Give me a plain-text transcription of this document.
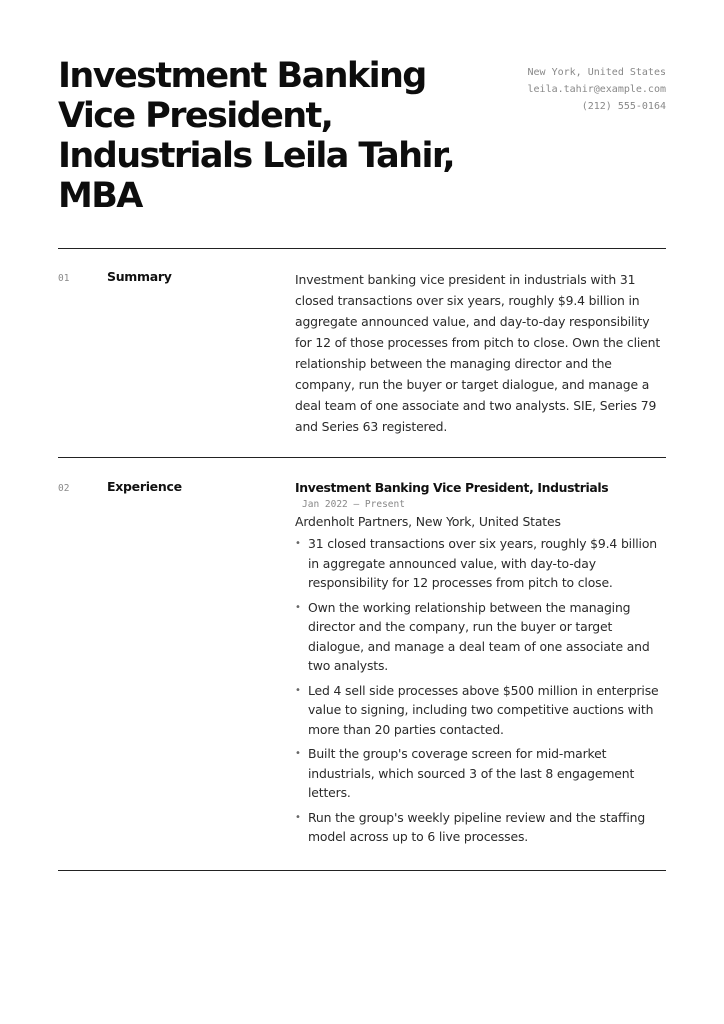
Investment Banking Vice President, Industrials Leila Tahir, MBA
New York, United States
leila.tahir@example.com
(212) 555-0164
01	Summary	Investment banking vice president in industrials with 31 closed transactions over six years, roughly $9.4 billion in aggregate announced value, and day-to-day responsibility for 12 of those processes from pitch to close. Own the client relationship between the managing director and the company, run the buyer or target dialogue, and manage a deal team of one associate and two analysts. SIE, Series 79 and Series 63 registered.

02	Experience	Investment Banking Vice President, Industrials
Jan 2022 — Present
Ardenholt Partners, New York, United States
• 31 closed transactions over six years, roughly $9.4 billion in aggregate announced value, with day-to-day responsibility for 12 processes from pitch to close.
• Own the working relationship between the managing director and the company, run the buyer or target dialogue, and manage a deal team of one associate and two analysts.
• Led 4 sell side processes above $500 million in enterprise value to signing, including two competitive auctions with more than 20 parties contacted.
• Built the group's coverage screen for mid-market industrials, which sourced 3 of the last 8 engagement letters.
• Run the group's weekly pipeline review and the staffing model across up to 6 live processes.
